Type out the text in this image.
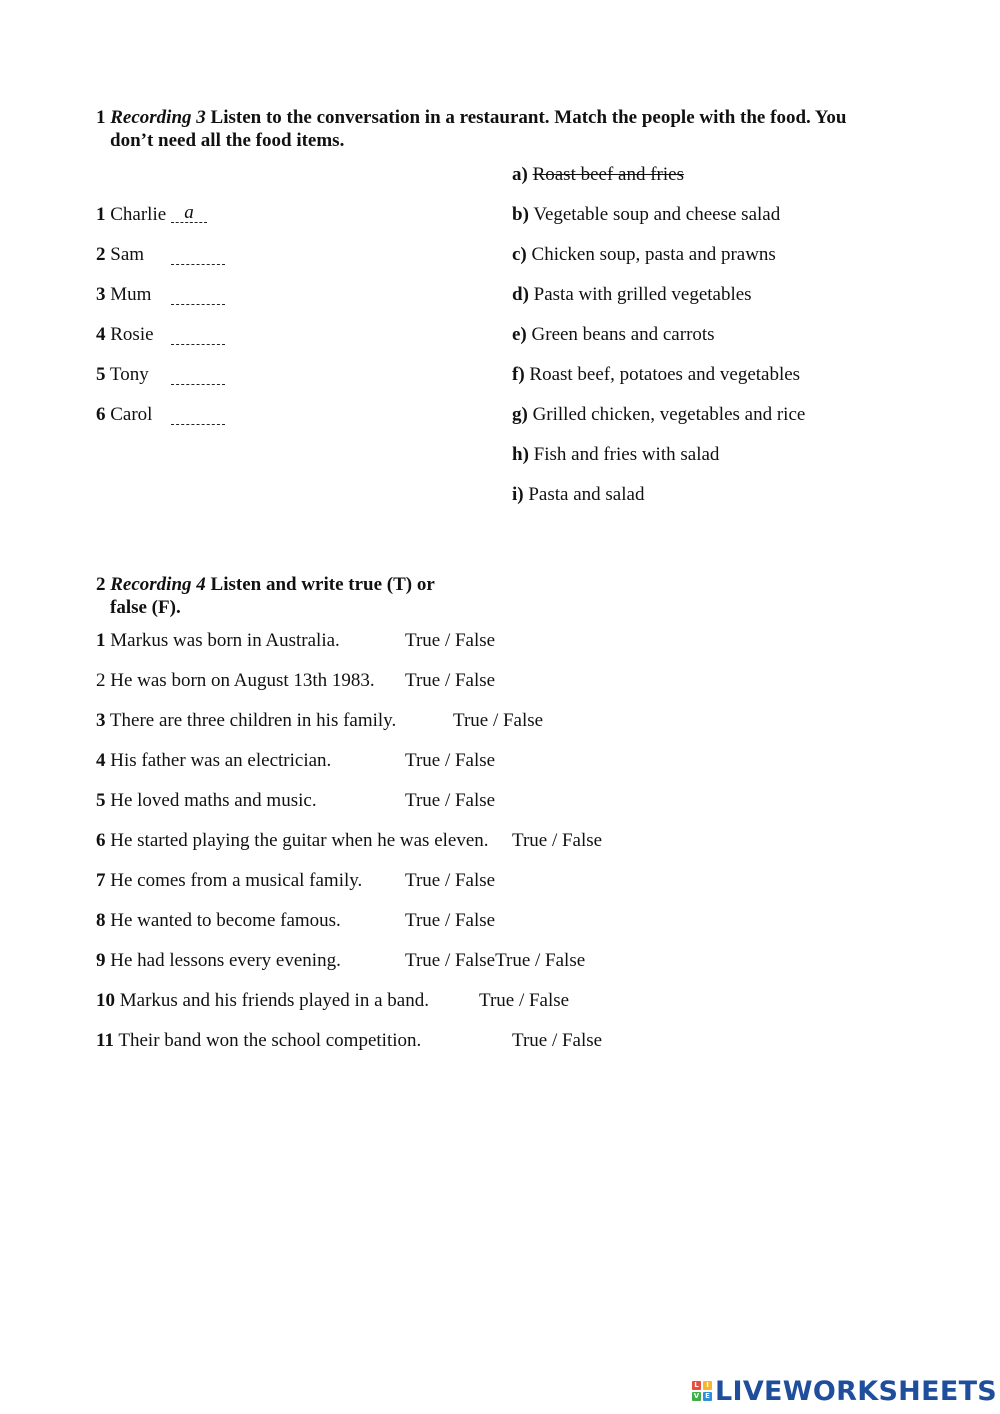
1 Recording 3 Listen to the conversation in a restaurant. Match the people with the food. You
don’t need all the food items.
1 Charlie a
2 Sam
3 Mum
4 Rosie
5 Tony
6 Carol
a) Roast beef and fries
b) Vegetable soup and cheese salad
c) Chicken soup, pasta and prawns
d) Pasta with grilled vegetables
e) Green beans and carrots
f) Roast beef, potatoes and vegetables
g) Grilled chicken, vegetables and rice
h) Fish and fries with salad
i) Pasta and salad
2 Recording 4 Listen and write true (T) or
false (F).
1 Markus was born in Australia.	True / False
2 He was born on August 13th 1983. True / False
3 There are three children in his family.	True / False
4 His father was an electrician.	True / False
5 He loved maths and music.	True / False
6 He started playing the guitar when he was eleven. True / False
7 He comes from a musical family. True / False
8 He wanted to become famous.	True / False
9 He had lessons every evening.	True / FalseTrue / False
10 Markus and his friends played in a band.	True / False
11 Their band won the school competition.	True / False
L	I
V E LIVEWORKSHEETS
